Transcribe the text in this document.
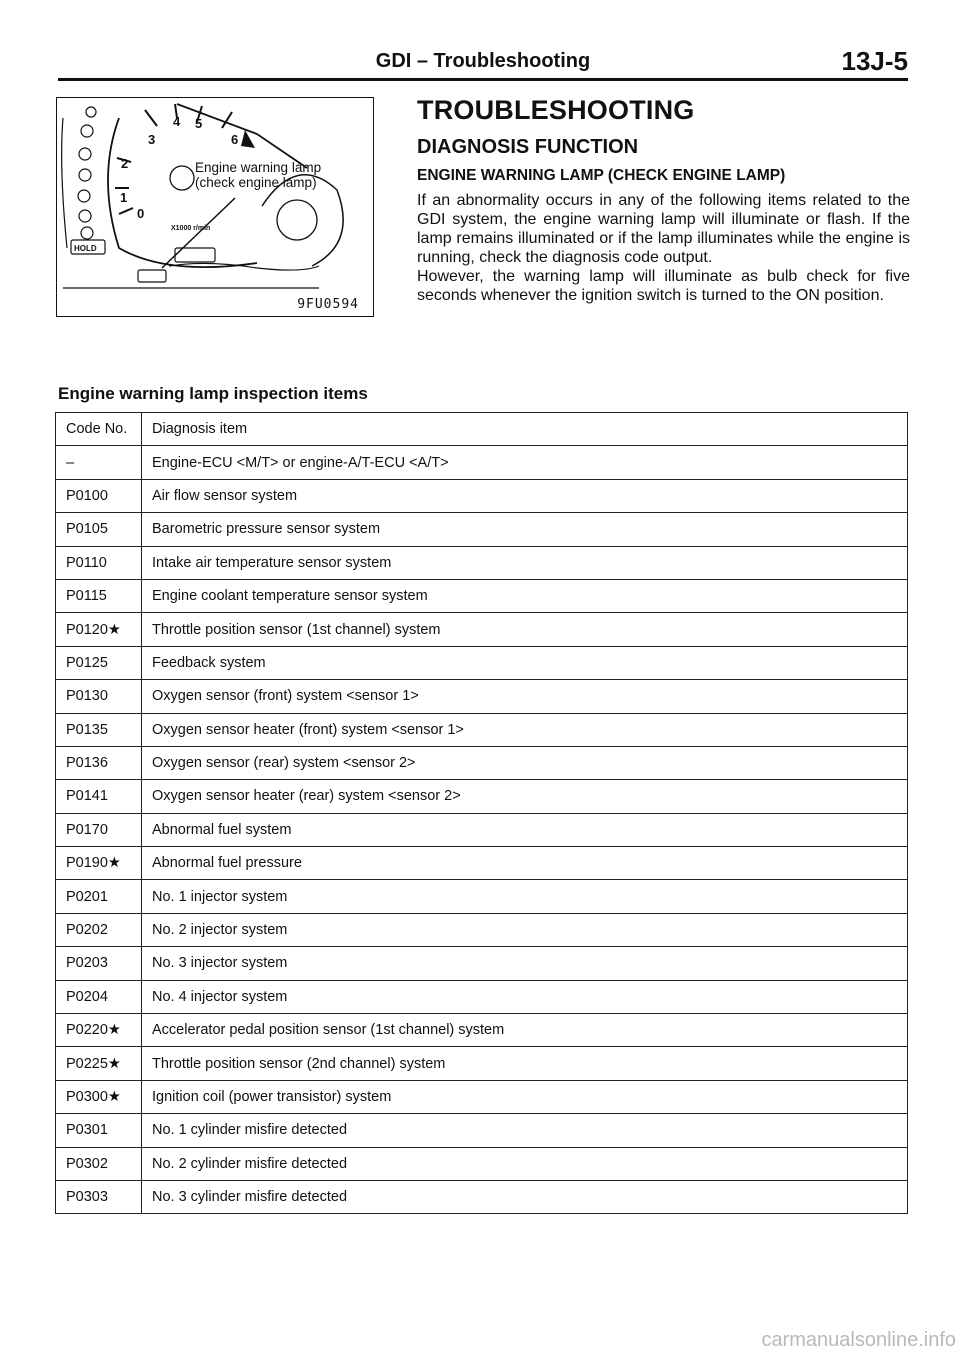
GDI – Troubleshooting	13J-5
1
2
3
4 5
6
0
X1000 r/min
HOLD
Engine warning lamp
(check engine lamp)
9FU0594
TROUBLESHOOTING
DIAGNOSIS FUNCTION
ENGINE WARNING LAMP (CHECK ENGINE LAMP)

If an abnormality occurs in any of the following items related to the GDI system, the engine warning lamp will illuminate or flash. If the lamp remains illuminated or if the lamp illuminates while the engine is running, check the diagnosis code output.

However, the warning lamp will illuminate as bulb check for five seconds whenever the ignition switch is turned to the ON position.

Engine warning lamp inspection items
Code No.	Diagnosis item
–	Engine-ECU <M/T> or engine-A/T-ECU <A/T>
P0100	Air flow sensor system
P0105	Barometric pressure sensor system
P0110	Intake air temperature sensor system
P0115	Engine coolant temperature sensor system
P0120★	Throttle position sensor (1st channel) system
P0125	Feedback system
P0130	Oxygen sensor (front) system <sensor 1>
P0135	Oxygen sensor heater (front) system <sensor 1>
P0136	Oxygen sensor (rear) system <sensor 2>
P0141	Oxygen sensor heater (rear) system <sensor 2>
P0170	Abnormal fuel system
P0190★	Abnormal fuel pressure
P0201	No. 1 injector system
P0202	No. 2 injector system
P0203	No. 3 injector system
P0204	No. 4 injector system
P0220★	Accelerator pedal position sensor (1st channel) system
P0225★	Throttle position sensor (2nd channel) system
P0300★	Ignition coil (power transistor) system
P0301	No. 1 cylinder misfire detected
P0302	No. 2 cylinder misfire detected
P0303	No. 3 cylinder misfire detected
carmanualsonline.info
